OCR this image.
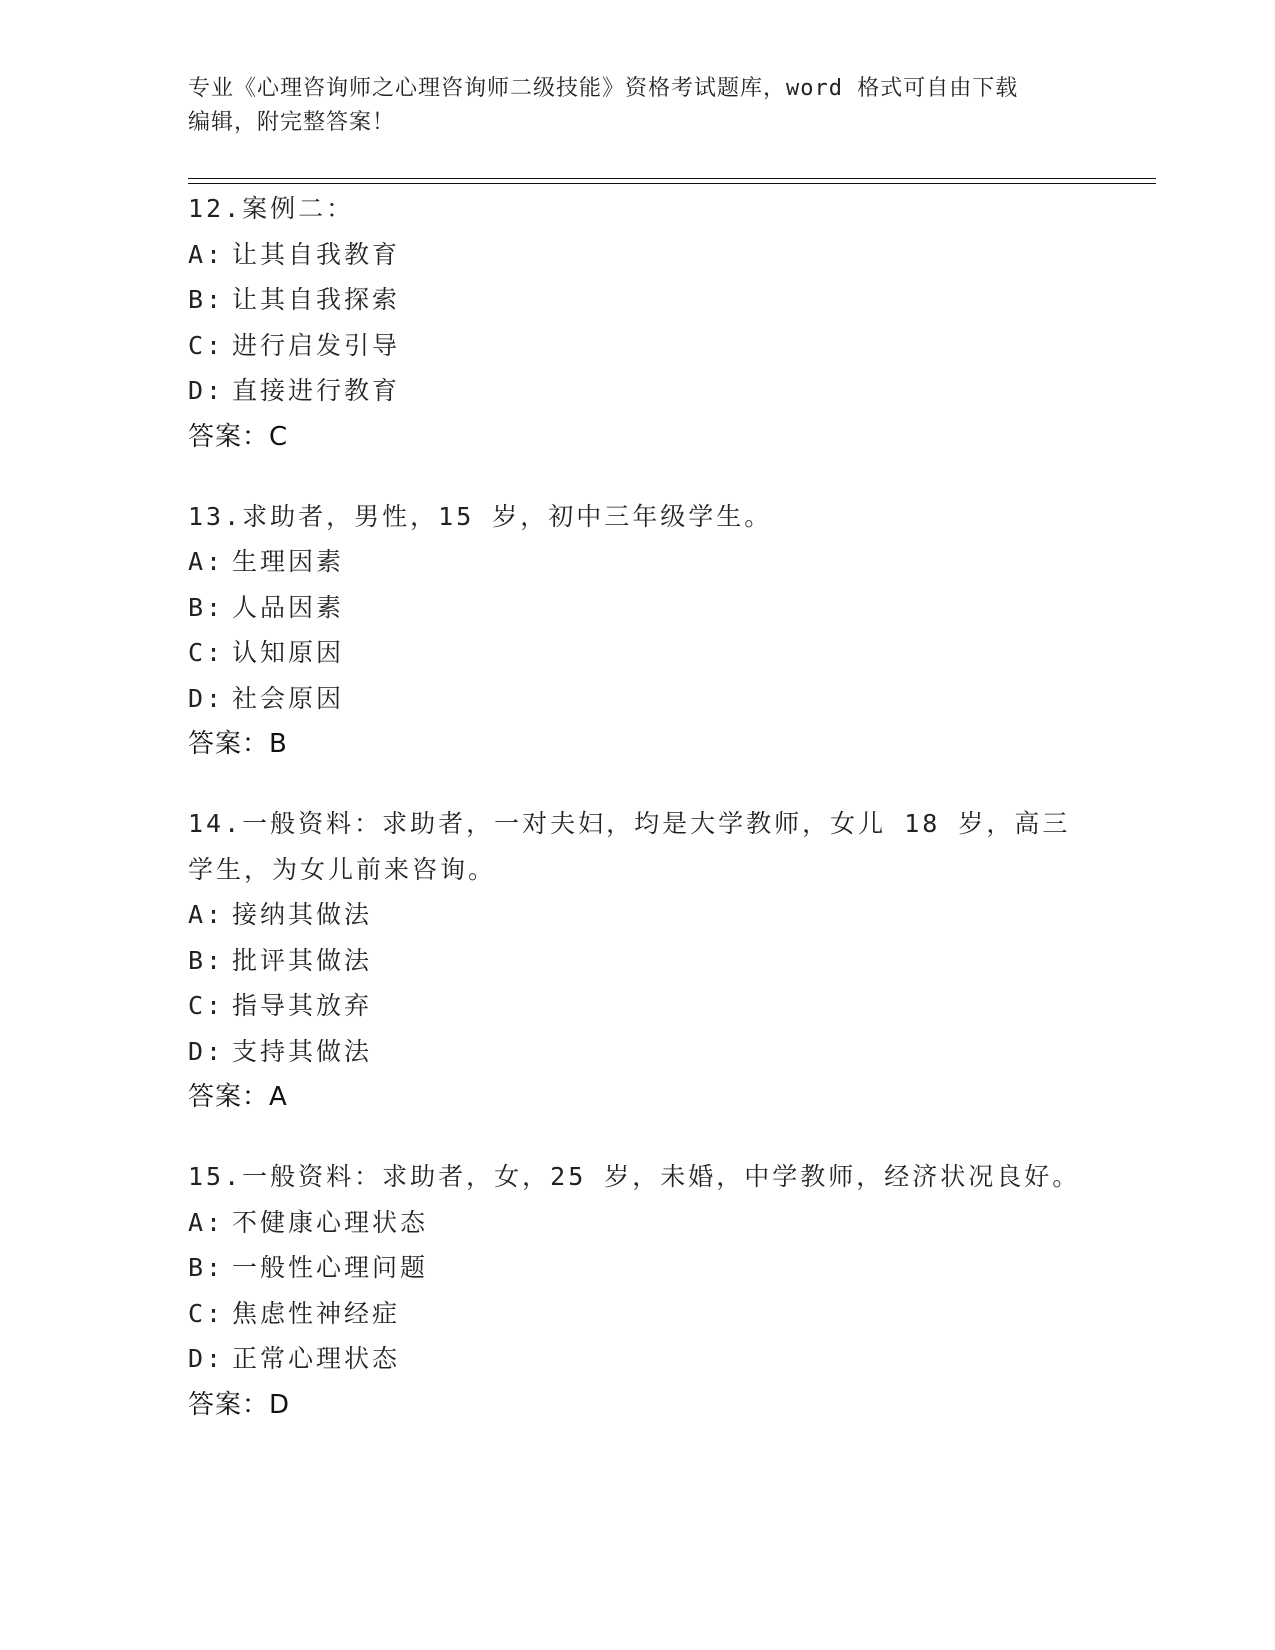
专业《心理咨询师之心理咨询师二级技能》资格考试题库，word 格式可自由下载
编辑，附完整答案！
12.案例二：
A: 让其自我教育
B: 让其自我探索
C: 进行启发引导
D: 直接进行教育
答案：C
13.求助者，男性，15 岁，初中三年级学生。
A: 生理因素
B: 人品因素
C: 认知原因
D: 社会原因
答案：B
14.一般资料：求助者，一对夫妇，均是大学教师，女儿 18 岁，高三
学生，为女儿前来咨询。
A: 接纳其做法
B: 批评其做法
C: 指导其放弃
D: 支持其做法
答案：A
15.一般资料：求助者，女，25 岁，未婚，中学教师，经济状况良好。
A: 不健康心理状态
B: 一般性心理问题
C: 焦虑性神经症
D: 正常心理状态
答案：D
